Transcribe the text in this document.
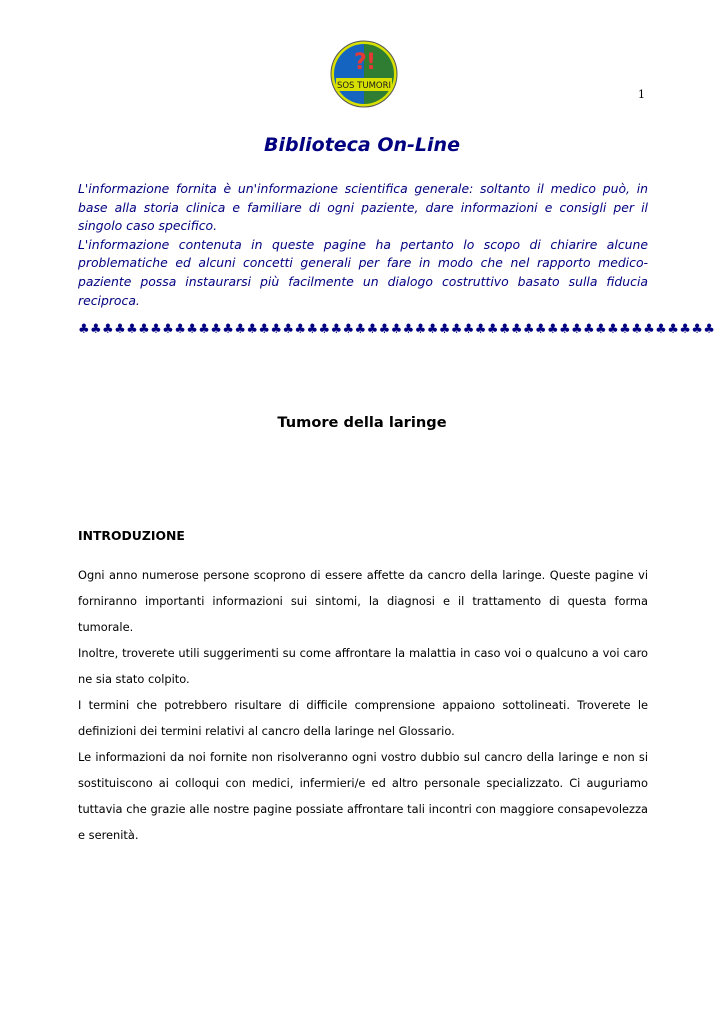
? !
SOS TUMORI
1
Biblioteca On-Line

L'informazione fornita è un'informazione scientifica generale: soltanto il medico può, in base alla storia clinica e familiare di ogni paziente, dare informazioni e consigli per il singolo caso specifico.

L'informazione contenuta in queste pagine ha pertanto lo scopo di chiarire alcune problematiche ed alcuni concetti generali per fare in modo che nel rapporto medico-paziente possa instaurarsi più facilmente un dialogo costruttivo basato sulla fiducia reciproca.

♣♣♣♣♣♣♣♣♣♣♣♣♣♣♣♣♣♣♣♣♣♣♣♣♣♣♣♣♣♣♣♣♣♣♣♣♣♣♣♣♣♣♣♣♣♣♣♣♣♣♣♣♣
Tumore della laringe
INTRODUZIONE

Ogni anno numerose persone scoprono di essere affette da cancro della laringe. Queste pagine vi forniranno importanti informazioni sui sintomi, la diagnosi e il trattamento di questa forma tumorale.

Inoltre, troverete utili suggerimenti su come affrontare la malattia in caso voi o qualcuno a voi caro ne sia stato colpito.

I termini che potrebbero risultare di difficile comprensione appaiono sottolineati. Troverete le definizioni dei termini relativi al cancro della laringe nel Glossario.

Le informazioni da noi fornite non risolveranno ogni vostro dubbio sul cancro della laringe e non si sostituiscono ai colloqui con medici, infermieri/e ed altro personale specializzato. Ci auguriamo tuttavia che grazie alle nostre pagine possiate affrontare tali incontri con maggiore consapevolezza e serenità.
